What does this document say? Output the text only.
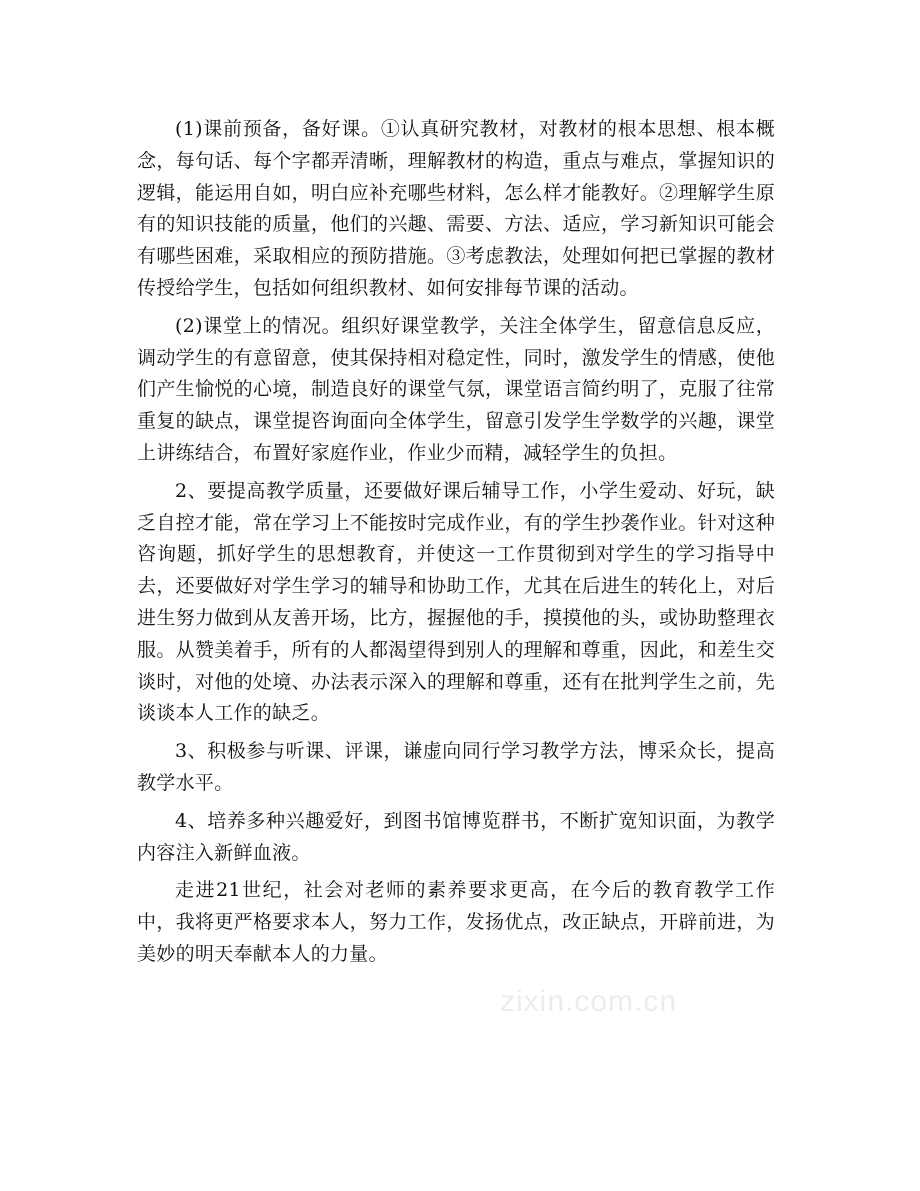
(1)课前预备，备好课。①认真研究教材，对教材的根本思想、根本概念，每句话、每个字都弄清晰，理解教材的构造，重点与难点，掌握知识的逻辑，能运用自如，明白应补充哪些材料，怎么样才能教好。②理解学生原有的知识技能的质量，他们的兴趣、需要、方法、适应，学习新知识可能会有哪些困难，采取相应的预防措施。③考虑教法，处理如何把已掌握的教材传授给学生，包括如何组织教材、如何安排每节课的活动。

(2)课堂上的情况。组织好课堂教学，关注全体学生，留意信息反应，调动学生的有意留意，使其保持相对稳定性，同时，激发学生的情感，使他们产生愉悦的心境，制造良好的课堂气氛，课堂语言简约明了，克服了往常重复的缺点，课堂提咨询面向全体学生，留意引发学生学数学的兴趣，课堂上讲练结合，布置好家庭作业，作业少而精，减轻学生的负担。

2、要提高教学质量，还要做好课后辅导工作，小学生爱动、好玩，缺乏自控才能，常在学习上不能按时完成作业，有的学生抄袭作业。针对这种咨询题，抓好学生的思想教育，并使这一工作贯彻到对学生的学习指导中去，还要做好对学生学习的辅导和协助工作，尤其在后进生的转化上，对后进生努力做到从友善开场，比方，握握他的手，摸摸他的头，或协助整理衣服。从赞美着手，所有的人都渴望得到别人的理解和尊重，因此，和差生交谈时，对他的处境、办法表示深入的理解和尊重，还有在批判学生之前，先谈谈本人工作的缺乏。

3、积极参与听课、评课，谦虚向同行学习教学方法，博采众长，提高教学水平。

4、培养多种兴趣爱好，到图书馆博览群书，不断扩宽知识面，为教学内容注入新鲜血液。

走进21世纪，社会对老师的素养要求更高，在今后的教育教学工作中，我将更严格要求本人，努力工作，发扬优点，改正缺点，开辟前进，为美妙的明天奉献本人的力量。

zixin.com.cn
